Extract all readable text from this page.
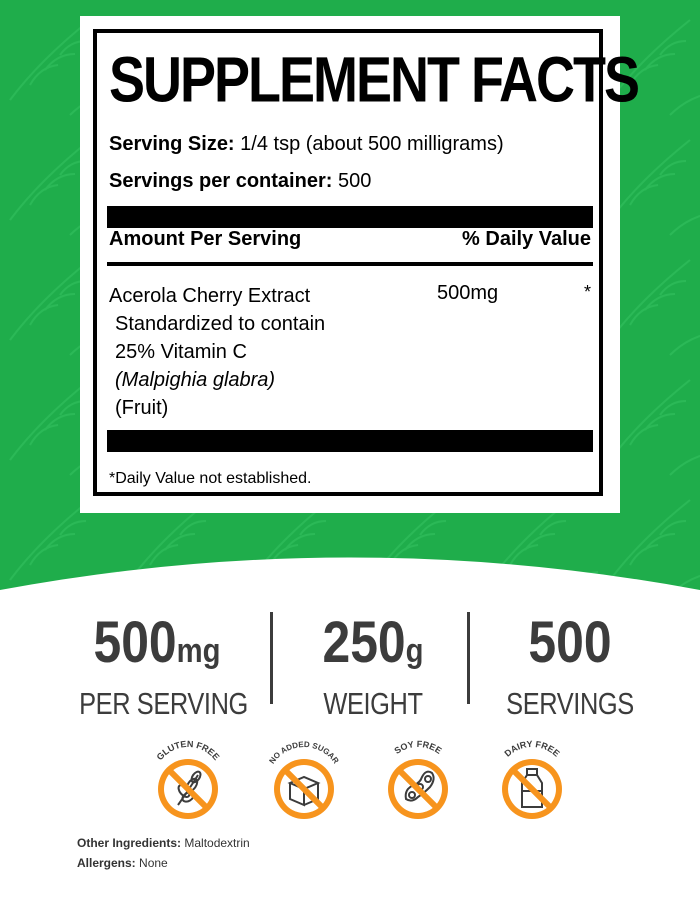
SUPPLEMENT FACTS
Serving Size: 1/4 tsp (about 500 milligrams)
Servings per container: 500
Amount Per Serving	% Daily Value
Acerola Cherry Extract
Standardized to contain
25% Vitamin C
(Malpighia glabra)
(Fruit)
500mg	*
*Daily Value not established.
500mg
PER SERVING
250g
WEIGHT
500
SERVINGS
GLUTEN FREE	NO ADDED SUGAR
SOY FREE	DAIRY FREE
Other Ingredients: Maltodextrin
Allergens: None
